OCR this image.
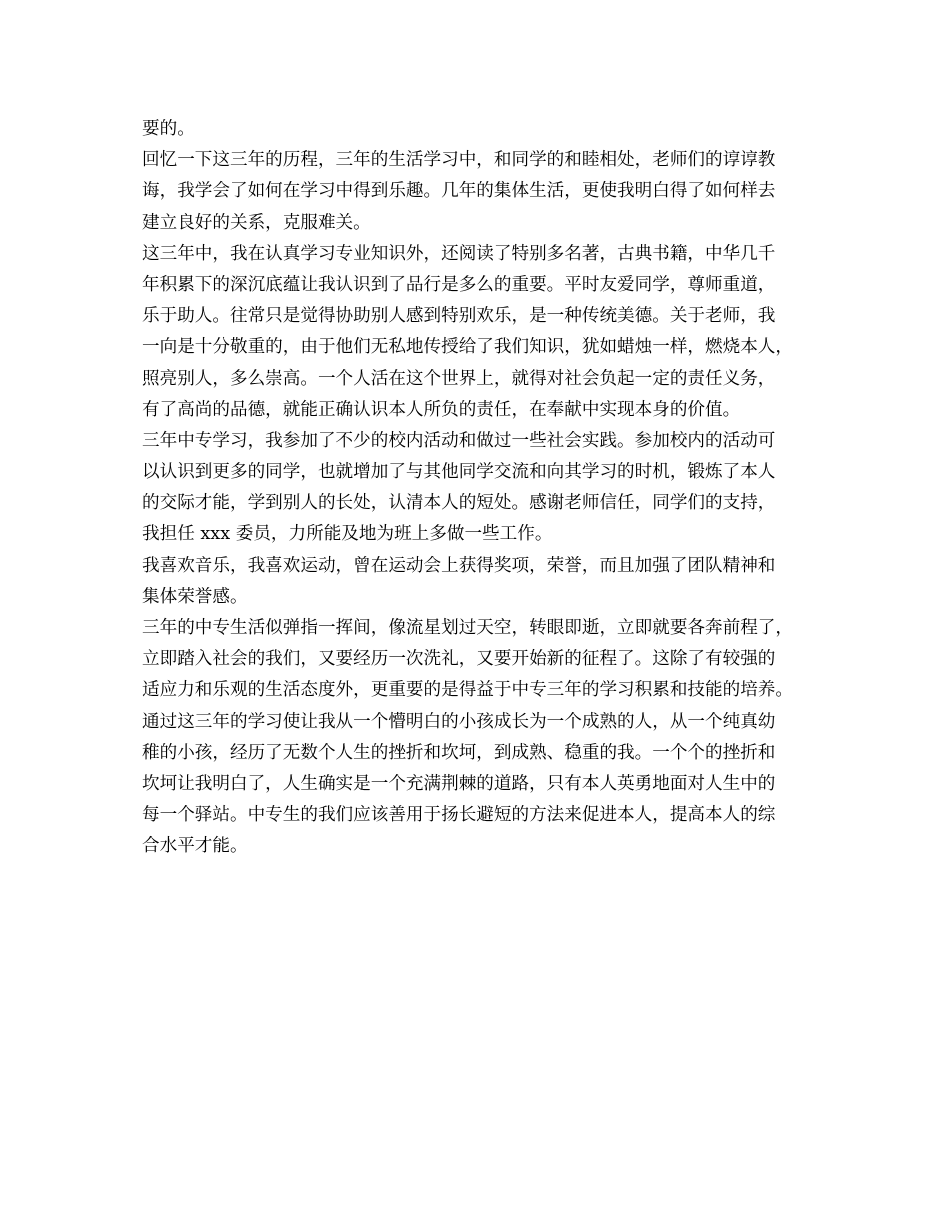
要的。
回忆一下这三年的历程，三年的生活学习中，和同学的和睦相处，老师们的谆谆教
诲，我学会了如何在学习中得到乐趣。几年的集体生活，更使我明白得了如何样去
建立良好的关系，克服难关。
这三年中，我在认真学习专业知识外，还阅读了特别多名著，古典书籍，中华几千
年积累下的深沉底蕴让我认识到了品行是多么的重要。平时友爱同学，尊师重道，
乐于助人。往常只是觉得协助别人感到特别欢乐，是一种传统美德。关于老师，我
一向是十分敬重的，由于他们无私地传授给了我们知识，犹如蜡烛一样，燃烧本人，
照亮别人，多么崇高。一个人活在这个世界上，就得对社会负起一定的责任义务，
有了高尚的品德，就能正确认识本人所负的责任，在奉献中实现本身的价值。
三年中专学习，我参加了不少的校内活动和做过一些社会实践。参加校内的活动可
以认识到更多的同学，也就增加了与其他同学交流和向其学习的时机，锻炼了本人
的交际才能，学到别人的长处，认清本人的短处。感谢老师信任，同学们的支持，
我担任 xxx 委员，力所能及地为班上多做一些工作。
我喜欢音乐，我喜欢运动，曾在运动会上获得奖项，荣誉，而且加强了团队精神和
集体荣誉感。
三年的中专生活似弹指一挥间，像流星划过天空，转眼即逝，立即就要各奔前程了，
立即踏入社会的我们，又要经历一次洗礼，又要开始新的征程了。这除了有较强的
适应力和乐观的生活态度外，更重要的是得益于中专三年的学习积累和技能的培养。
通过这三年的学习使让我从一个懵明白的小孩成长为一个成熟的人，从一个纯真幼
稚的小孩，经历了无数个人生的挫折和坎坷，到成熟、稳重的我。一个个的挫折和
坎坷让我明白了，人生确实是一个充满荆棘的道路，只有本人英勇地面对人生中的
每一个驿站。中专生的我们应该善用于扬长避短的方法来促进本人，提高本人的综
合水平才能。
